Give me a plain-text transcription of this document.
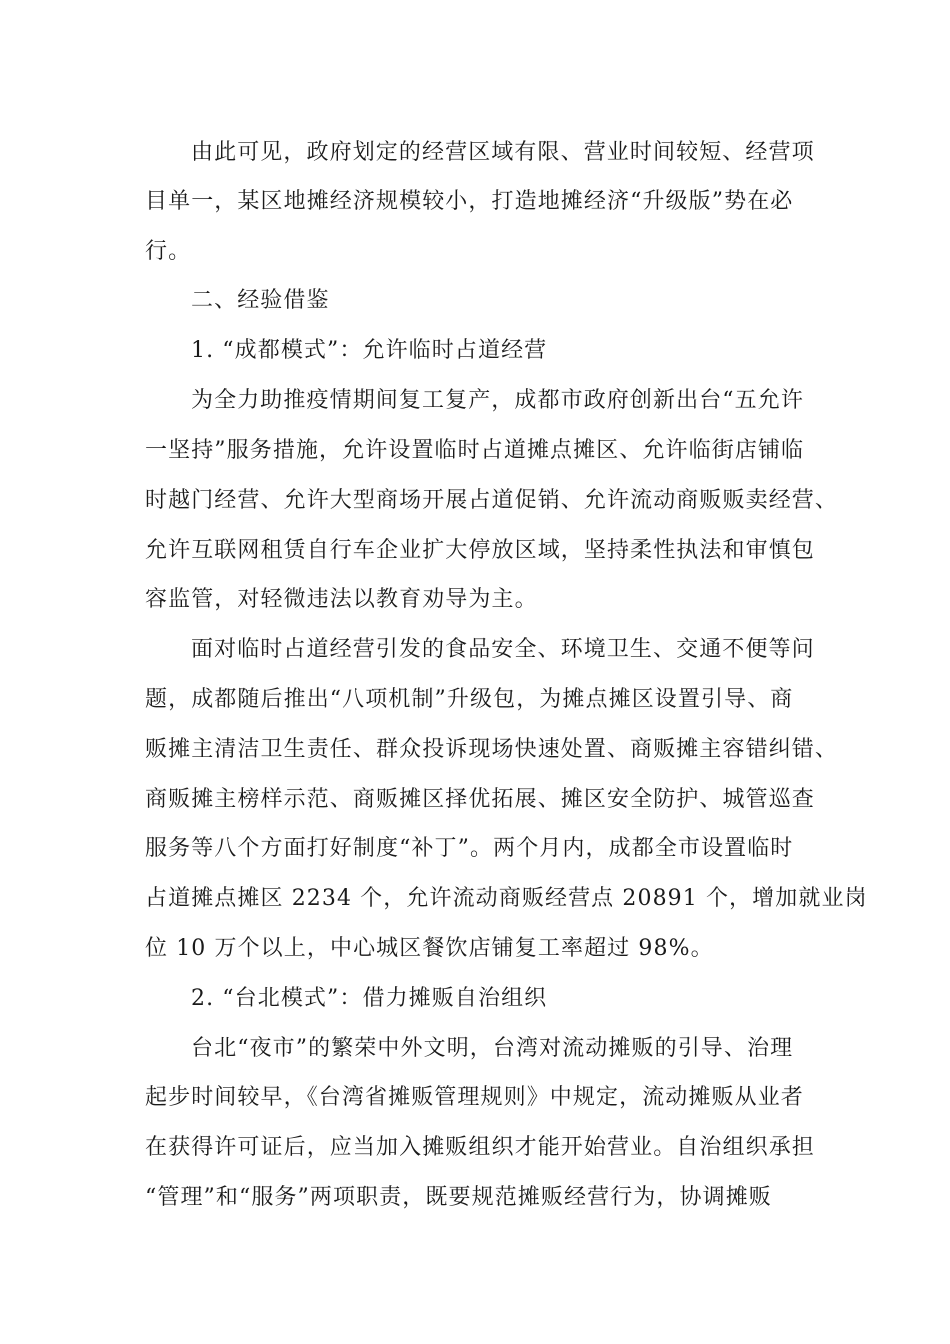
由此可见，政府划定的经营区域有限、营业时间较短、经营项
目单一，某区地摊经济规模较小，打造地摊经济“升级版”势在必
行。
二、经验借鉴
1. “成都模式”：允许临时占道经营
为全力助推疫情期间复工复产，成都市政府创新出台“五允许
一坚持”服务措施，允许设置临时占道摊点摊区、允许临街店铺临
时越门经营、允许大型商场开展占道促销、允许流动商贩贩卖经营、
允许互联网租赁自行车企业扩大停放区域，坚持柔性执法和审慎包
容监管，对轻微违法以教育劝导为主。
面对临时占道经营引发的食品安全、环境卫生、交通不便等问
题，成都随后推出“八项机制”升级包，为摊点摊区设置引导、商
贩摊主清洁卫生责任、群众投诉现场快速处置、商贩摊主容错纠错、
商贩摊主榜样示范、商贩摊区择优拓展、摊区安全防护、城管巡查
服务等八个方面打好制度“补丁”。两个月内，成都全市设置临时
占道摊点摊区 2234 个，允许流动商贩经营点 20891 个，增加就业岗
位 10 万个以上，中心城区餐饮店铺复工率超过 98%。
2. “台北模式”：借力摊贩自治组织
台北“夜市”的繁荣中外文明，台湾对流动摊贩的引导、治理
起步时间较早，《台湾省摊贩管理规则》中规定，流动摊贩从业者
在获得许可证后，应当加入摊贩组织才能开始营业。自治组织承担
“管理”和“服务”两项职责，既要规范摊贩经营行为，协调摊贩
